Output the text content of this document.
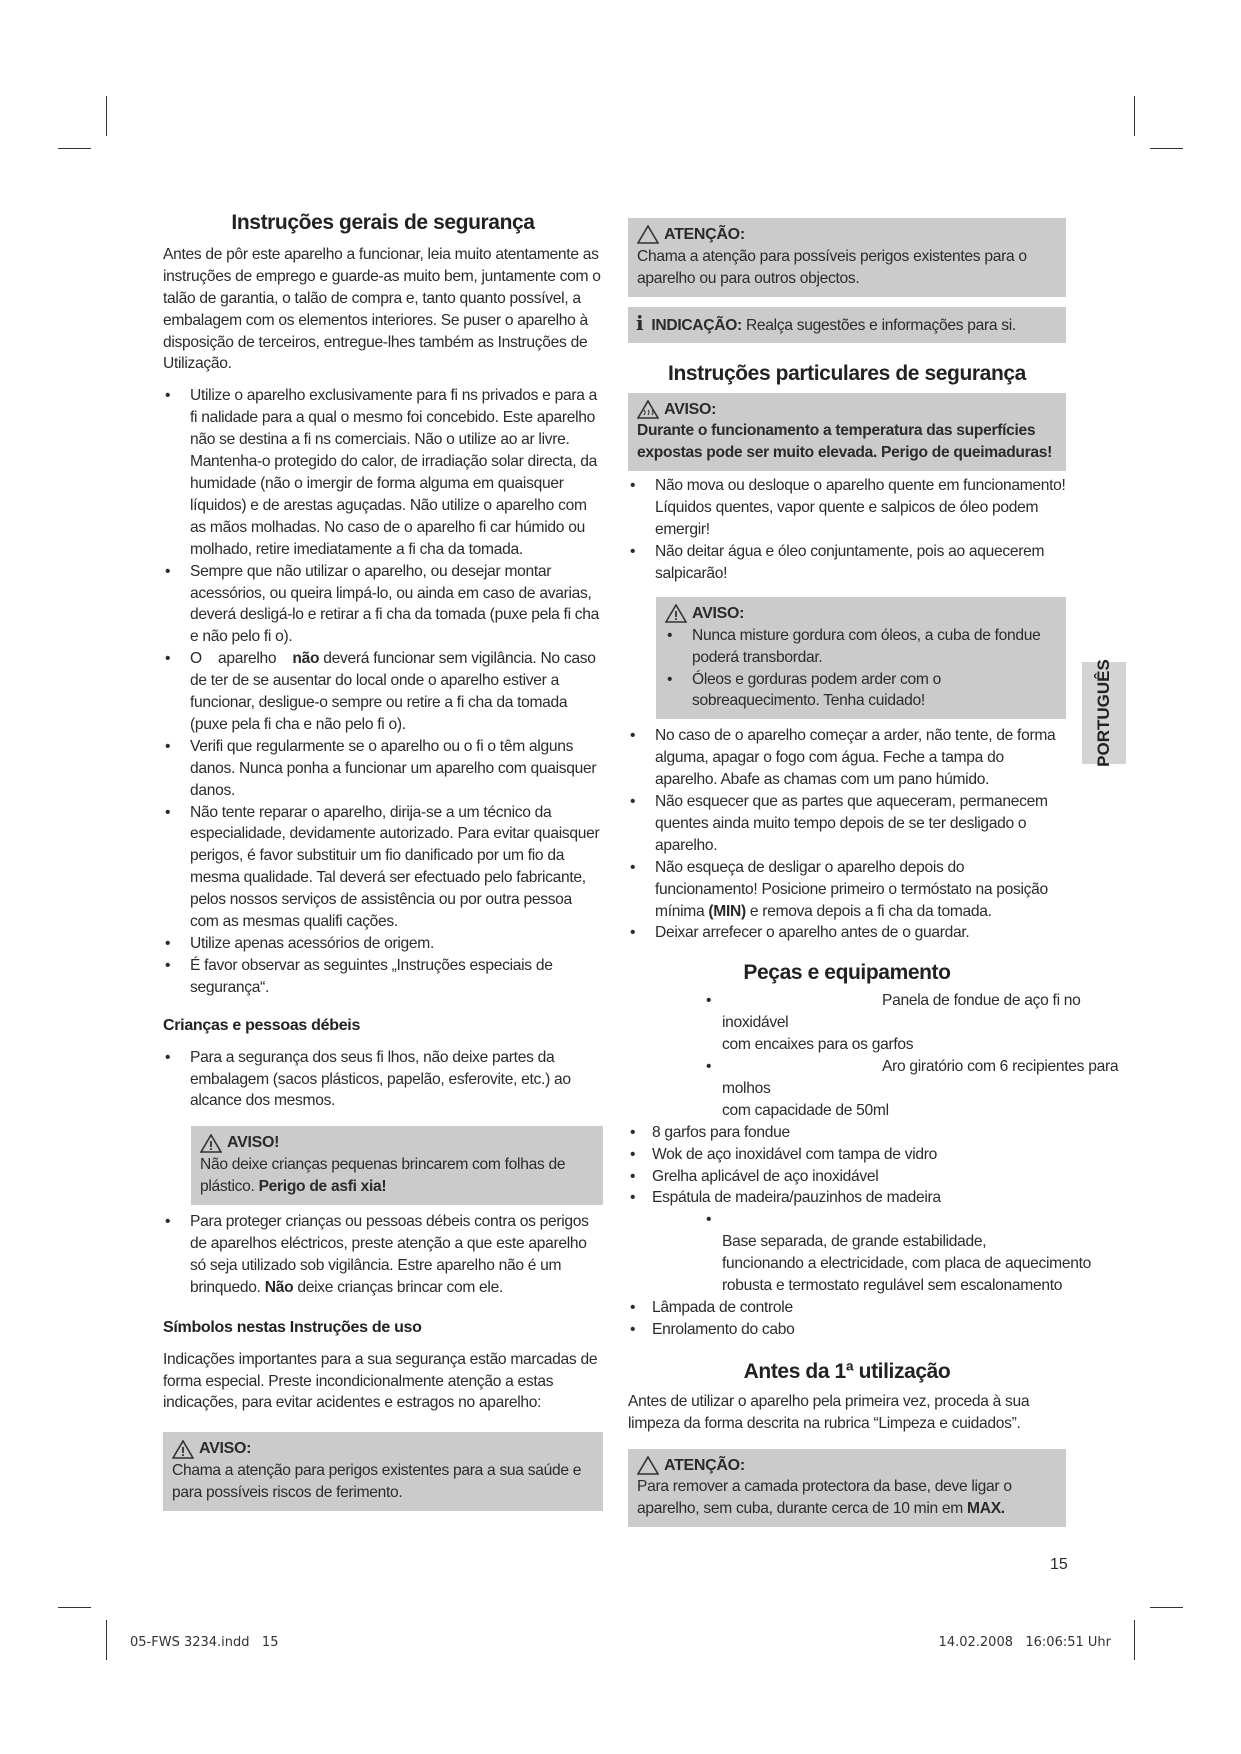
Instruções gerais de segurança

Antes de pôr este aparelho a funcionar, leia muito atentamente as instruções de emprego e guarde-as muito bem, juntamente com o talão de garantia, o talão de compra e, tanto quanto possível, a embalagem com os elementos interiores. Se puser o aparelho à disposição de terceiros, entregue-lhes também as Instruções de Utilização.

• Utilize o aparelho exclusivamente para fi ns privados e para a fi nalidade para a qual o mesmo foi concebido. Este aparelho não se destina a fi ns comerciais. Não o utilize ao ar livre. Mantenha-o protegido do calor, de irradiação solar directa, da humidade (não o imergir de forma alguma em quaisquer líquidos) e de arestas aguçadas. Não utilize o aparelho com as mãos molhadas. No caso de o aparelho fi car húmido ou molhado, retire imediatamente a fi cha da tomada.
• Sempre que não utilizar o aparelho, ou desejar montar acessórios, ou queira limpá-lo, ou ainda em caso de avarias, deverá desligá-lo e retirar a fi cha da tomada (puxe pela fi cha e não pelo fi o).
• O    aparelho não deverá funcionar sem vigilância. No caso de ter de se ausentar do local onde o aparelho estiver a funcionar, desligue-o sempre ou retire a fi cha da tomada (puxe pela fi cha e não pelo fi o).
• Verifi que regularmente se o aparelho ou o fi o têm alguns danos. Nunca ponha a funcionar um aparelho com quaisquer danos.
• Não tente reparar o aparelho, dirija-se a um técnico da especialidade, devidamente autorizado. Para evitar quaisquer perigos, é favor substituir um fio danificado por um fio da mesma qualidade. Tal deverá ser efectuado pelo fabricante, pelos nossos serviços de assistência ou por outra pessoa com as mesmas qualifi cações.
• Utilize apenas acessórios de origem.
• É favor observar as seguintes „Instruções especiais de segurança“.
Crianças e pessoas débeis
• Para a segurança dos seus fi lhos, não deixe partes da embalagem (sacos plásticos, papelão, esferovite, etc.) ao alcance dos mesmos.
AVISO!

Não deixe crianças pequenas brincarem com folhas de plástico. Perigo de asfi xia!

• Para proteger crianças ou pessoas débeis contra os perigos de aparelhos eléctricos, preste atenção a que este aparelho só seja utilizado sob vigilância. Estre aparelho não é um brinquedo. Não deixe crianças brincar com ele.
Símbolos nestas Instruções de uso

Indicações importantes para a sua segurança estão marcadas de forma especial. Preste incondicionalmente atenção a estas indicações, para evitar acidentes e estragos no aparelho:

AVISO:

Chama a atenção para perigos existentes para a sua saúde e para possíveis riscos de ferimento.

ATENÇÃO:

Chama a atenção para possíveis perigos existentes para o aparelho ou para outros objectos.

i INDICAÇÃO: Realça sugestões e informações para si.
Instruções particulares de segurança
AVISO:

Durante o funcionamento a temperatura das superfícies expostas pode ser muito elevada. Perigo de queimaduras!

• Não mova ou desloque o aparelho quente em funcionamento! Líquidos quentes, vapor quente e salpicos de óleo podem emergir!
• Não deitar água e óleo conjuntamente, pois ao aquecerem salpicarão!
AVISO:
• Nunca misture gordura com óleos, a cuba de fondue poderá transbordar.
• Óleos e gorduras podem arder com o sobreaquecimento. Tenha cuidado!
• No caso de o aparelho começar a arder, não tente, de forma alguma, apagar o fogo com água. Feche a tampa do aparelho. Abafe as chamas com um pano húmido.
• Não esquecer que as partes que aqueceram, permanecem quentes ainda muito tempo depois de se ter desligado o aparelho.
• Não esqueça de desligar o aparelho depois do funcionamento! Posicione primeiro o termóstato na posição mínima (MIN) e remova depois a fi cha da tomada.
• Deixar arrefecer o aparelho antes de o guardar.
Peças e equipamento
• Panela de fondue de aço fi no inoxidável
com encaixes para os garfos
• Aro giratório com 6 recipientes para molhos
com capacidade de 50ml
• 8 garfos para fondue
• Wok de aço inoxidável com tampa de vidro
• Grelha aplicável de aço inoxidável
• Espátula de madeira/pauzinhos de madeira
• Base separada, de grande estabilidade,
funcionando a electricidade, com placa de aquecimento robusta e termostato regulável sem escalonamento
• Lâmpada de controle
• Enrolamento do cabo
Antes da 1ª utilização

Antes de utilizar o aparelho pela primeira vez, proceda à sua limpeza da forma descrita na rubrica “Limpeza e cuidados”.

ATENÇÃO:

Para remover a camada protectora da base, deve ligar o aparelho, sem cuba, durante cerca de 10 min em MAX.

PORTUGUÊS
15
05-FWS 3234.indd   15	14.02.2008   16:06:51 Uhr
